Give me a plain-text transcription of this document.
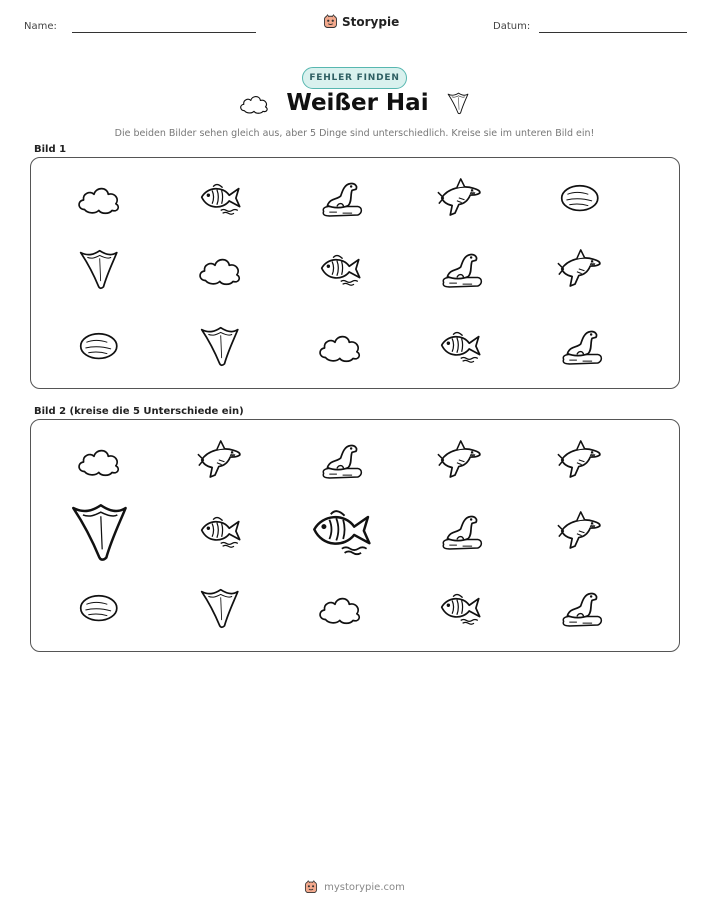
Name:	Storypie	Datum:
FEHLER FINDEN
Weißer Hai
Die beiden Bilder sehen gleich aus, aber 5 Dinge sind unterschiedlich. Kreise sie im unteren Bild ein!
Bild 1
Bild 2 (kreise die 5 Unterschiede ein)
mystorypie.com
